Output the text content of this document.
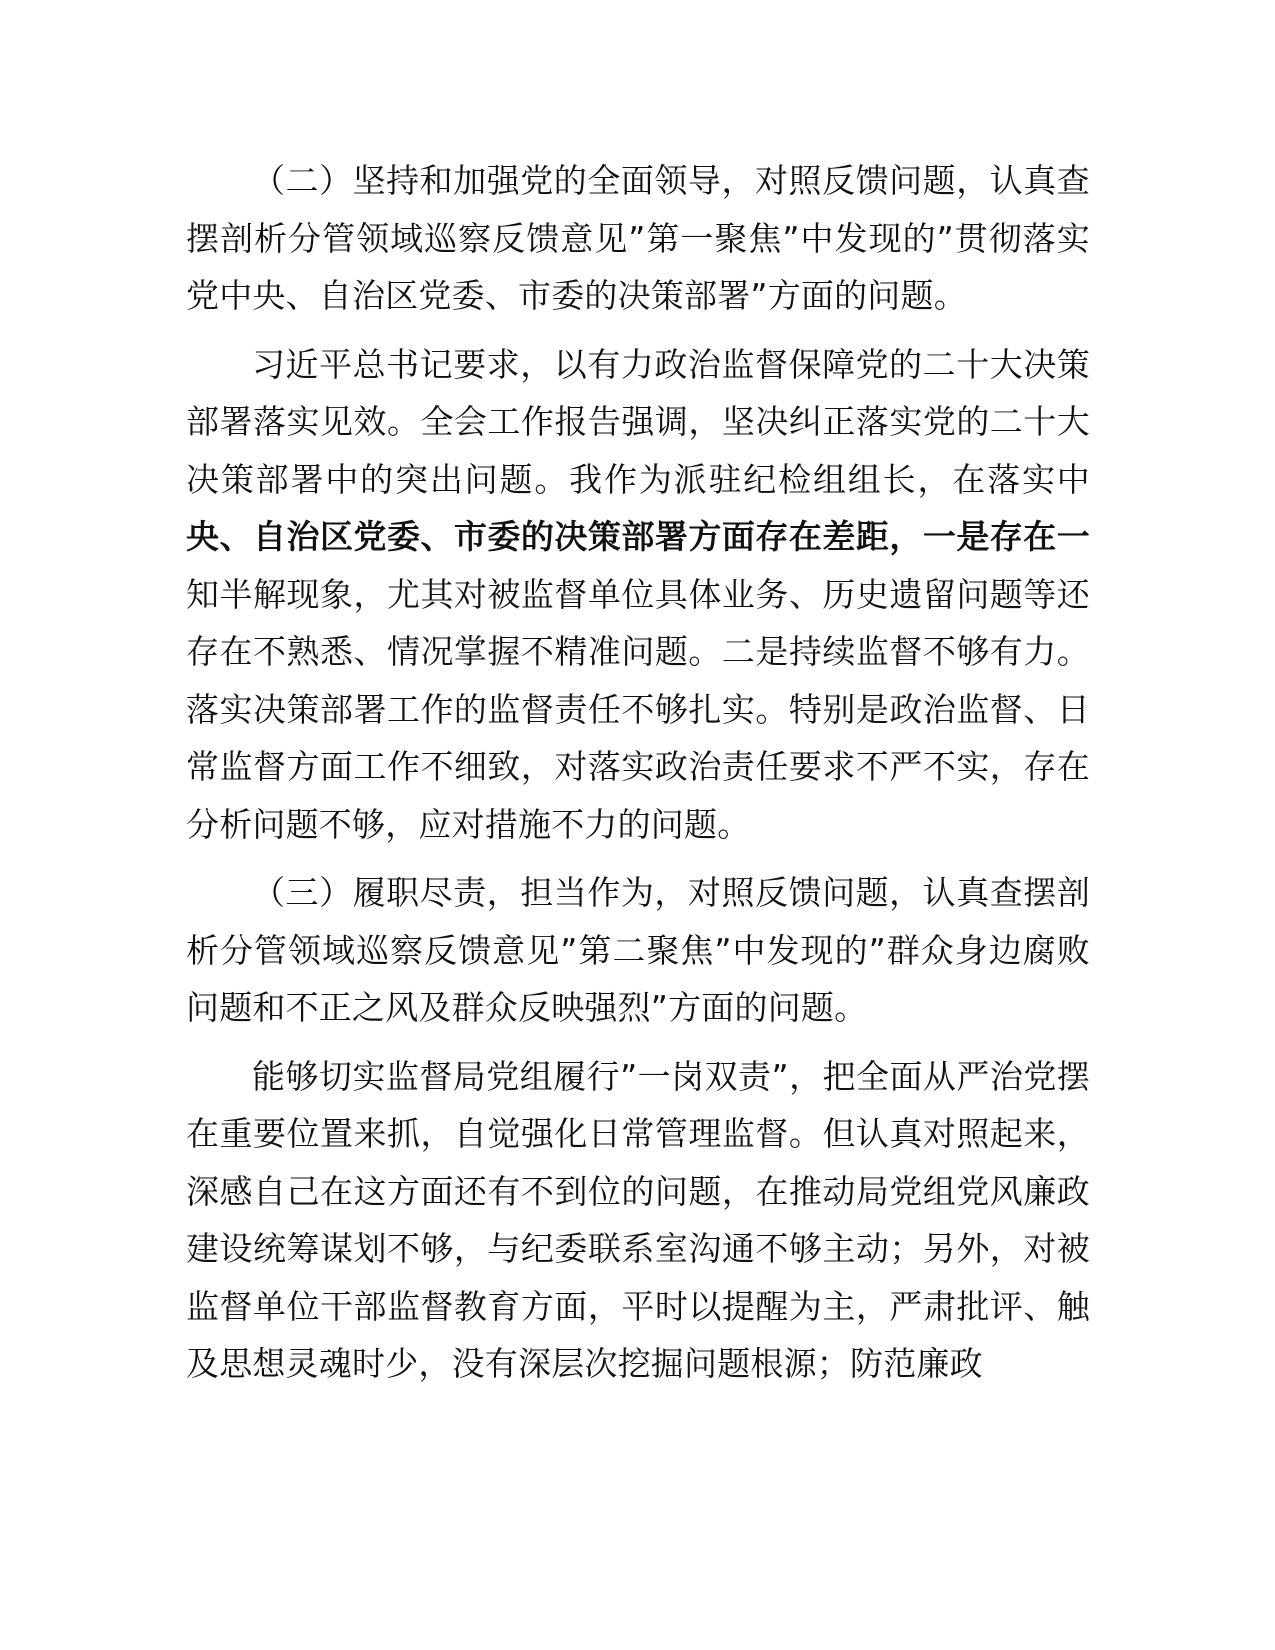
（二）坚持和加强党的全面领导，对照反馈问题，认真查摆剖析分管领域巡察反馈意见”第一聚焦”中发现的”贯彻落实党中央、自治区党委、市委的决策部署”方面的问题。

习近平总书记要求，以有力政治监督保障党的二十大决策部署落实见效。全会工作报告强调，坚决纠正落实党的二十大决策部署中的突出问题。我作为派驻纪检组组长，在落实中央、自治区党委、市委的决策部署方面存在差距，一是存在一知半解现象，尤其对被监督单位具体业务、历史遗留问题等还存在不熟悉、情况掌握不精准问题。二是持续监督不够有力。落实决策部署工作的监督责任不够扎实。特别是政治监督、日常监督方面工作不细致，对落实政治责任要求不严不实，存在分析问题不够，应对措施不力的问题。

（三）履职尽责，担当作为，对照反馈问题，认真查摆剖析分管领域巡察反馈意见”第二聚焦”中发现的”群众身边腐败问题和不正之风及群众反映强烈”方面的问题。

能够切实监督局党组履行”一岗双责”，把全面从严治党摆在重要位置来抓，自觉强化日常管理监督。但认真对照起来，深感自己在这方面还有不到位的问题，在推动局党组党风廉政建设统筹谋划不够，与纪委联系室沟通不够主动；另外，对被监督单位干部监督教育方面，平时以提醒为主，严肃批评、触及思想灵魂时少，没有深层次挖掘问题根源；防范廉政
